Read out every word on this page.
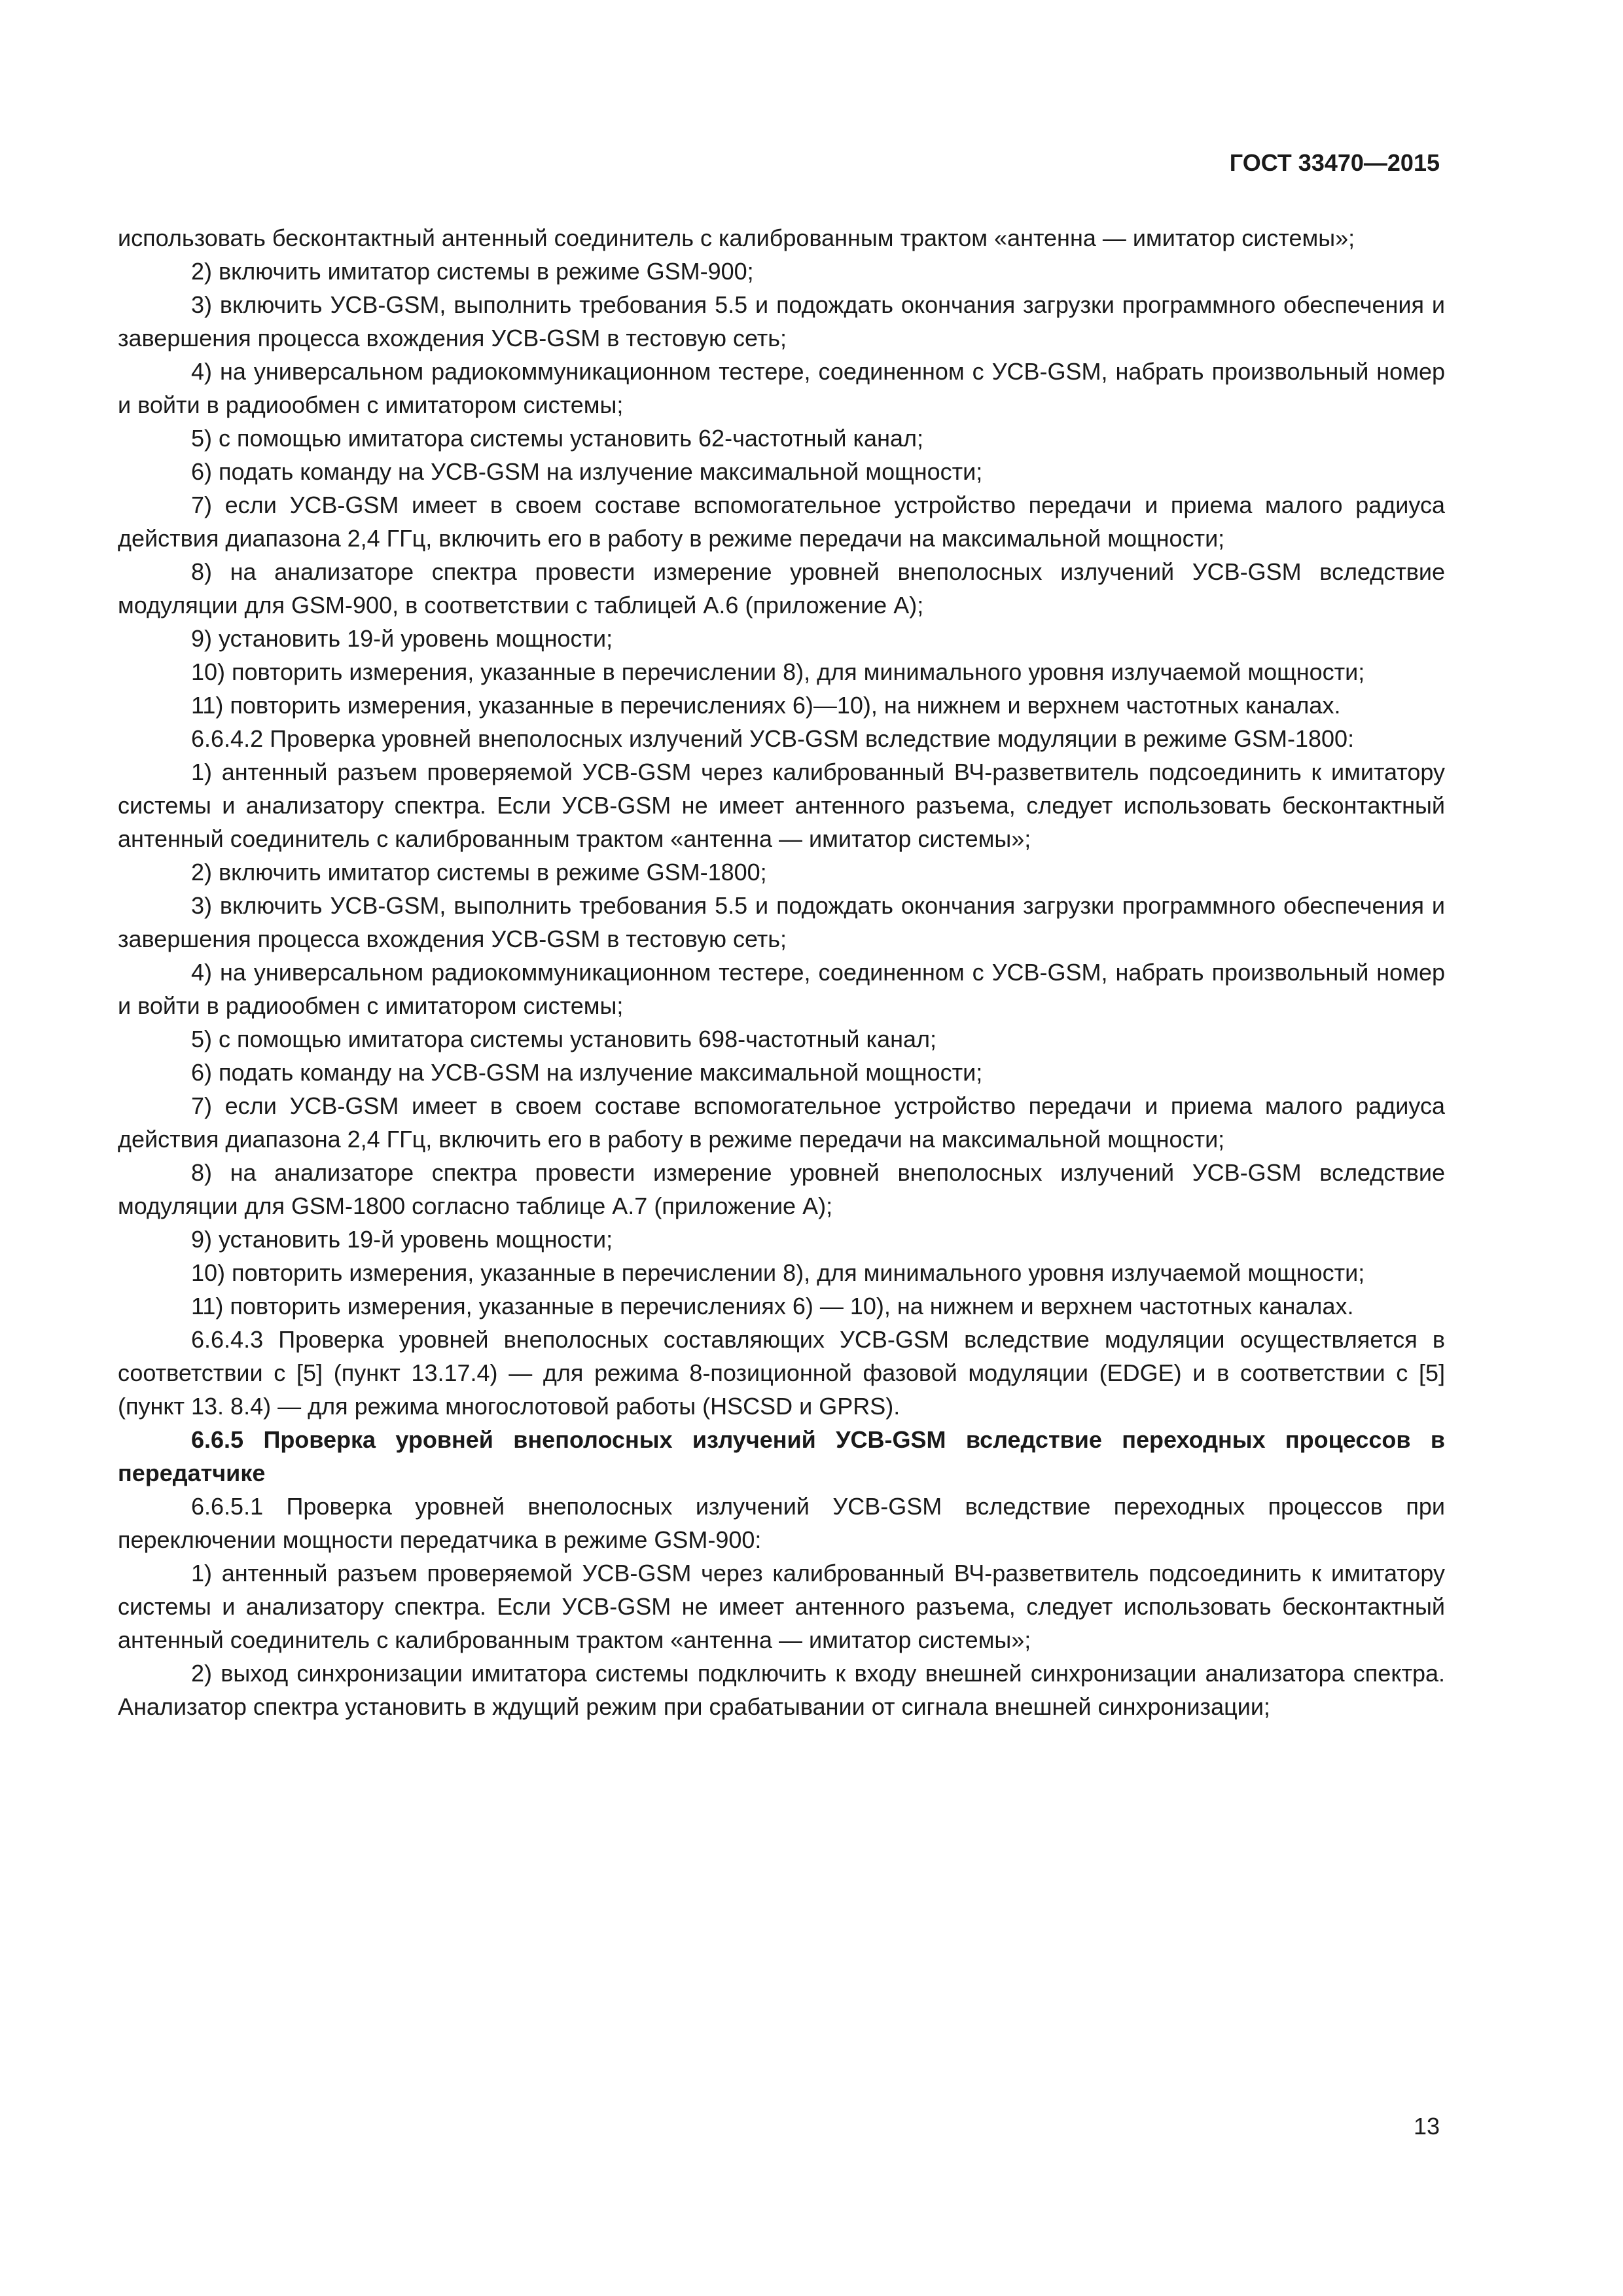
ГОСТ 33470—2015

использовать бесконтактный антенный соединитель с калиброванным трактом «антенна — имитатор системы»;

2) включить имитатор системы в режиме GSM-900;

3) включить УСВ-GSM, выполнить требования 5.5 и подождать окончания загрузки программного обеспечения и завершения процесса вхождения УСВ-GSM в тестовую сеть;

4) на универсальном радиокоммуникационном тестере, соединенном с УСВ-GSM, набрать произвольный номер и войти в радиообмен с имитатором системы;

5) с помощью имитатора системы установить 62-частотный канал;

6) подать команду на УСВ-GSM на излучение максимальной мощности;

7) если УСВ-GSM имеет в своем составе вспомогательное устройство передачи и приема малого радиуса действия диапазона 2,4 ГГц, включить его в работу в режиме передачи на максимальной мощности;

8) на анализаторе спектра провести измерение уровней внеполосных излучений УСВ-GSM вследствие модуляции для GSM-900, в соответствии с таблицей А.6 (приложение А);

9) установить 19-й уровень мощности;

10) повторить измерения, указанные в перечислении 8), для минимального уровня излучаемой мощности;

11) повторить измерения, указанные в перечислениях 6)—10), на нижнем и верхнем частотных каналах.

6.6.4.2 Проверка уровней внеполосных излучений УСВ-GSM вследствие модуляции в режиме GSM-1800:

1) антенный разъем проверяемой УСВ-GSM через калиброванный ВЧ-разветвитель подсоединить к имитатору системы и анализатору спектра. Если УСВ-GSM не имеет антенного разъема, следует использовать бесконтактный антенный соединитель с калиброванным трактом «антенна — имитатор системы»;

2) включить имитатор системы в режиме GSM-1800;

3) включить УСВ-GSM, выполнить требования 5.5 и подождать окончания загрузки программного обеспечения и завершения процесса вхождения УСВ-GSM в тестовую сеть;

4) на универсальном радиокоммуникационном тестере, соединенном с УСВ-GSM, набрать произвольный номер и войти в радиообмен с имитатором системы;

5) с помощью имитатора системы установить 698-частотный канал;

6) подать команду на УСВ-GSM на излучение максимальной мощности;

7) если УСВ-GSM имеет в своем составе вспомогательное устройство передачи и приема малого радиуса действия диапазона 2,4 ГГц, включить его в работу в режиме передачи на максимальной мощности;

8) на анализаторе спектра провести измерение уровней внеполосных излучений УСВ-GSM вследствие модуляции для GSM-1800 согласно таблице А.7 (приложение А);

9) установить 19-й уровень мощности;

10) повторить измерения, указанные в перечислении 8), для минимального уровня излучаемой мощности;

11) повторить измерения, указанные в перечислениях 6) — 10), на нижнем и верхнем частотных каналах.

6.6.4.3 Проверка уровней внеполосных составляющих УСВ-GSM вследствие модуляции осуществляется в соответствии с [5] (пункт 13.17.4) — для режима 8-позиционной фазовой модуляции (EDGE) и в соответствии с [5] (пункт 13. 8.4) — для режима многослотовой работы (HSCSD и GPRS).

6.6.5 Проверка уровней внеполосных излучений УСВ-GSM вследствие переходных процессов в передатчике

6.6.5.1 Проверка уровней внеполосных излучений УСВ-GSM вследствие переходных процессов при переключении мощности передатчика в режиме GSM-900:

1) антенный разъем проверяемой УСВ-GSM через калиброванный ВЧ-разветвитель подсоединить к имитатору системы и анализатору спектра. Если УСВ-GSM не имеет антенного разъема, следует использовать бесконтактный антенный соединитель с калиброванным трактом «антенна — имитатор системы»;

2) выход синхронизации имитатора системы подключить к входу внешней синхронизации анализатора спектра. Анализатор спектра установить в ждущий режим при срабатывании от сигнала внешней синхронизации;

13
